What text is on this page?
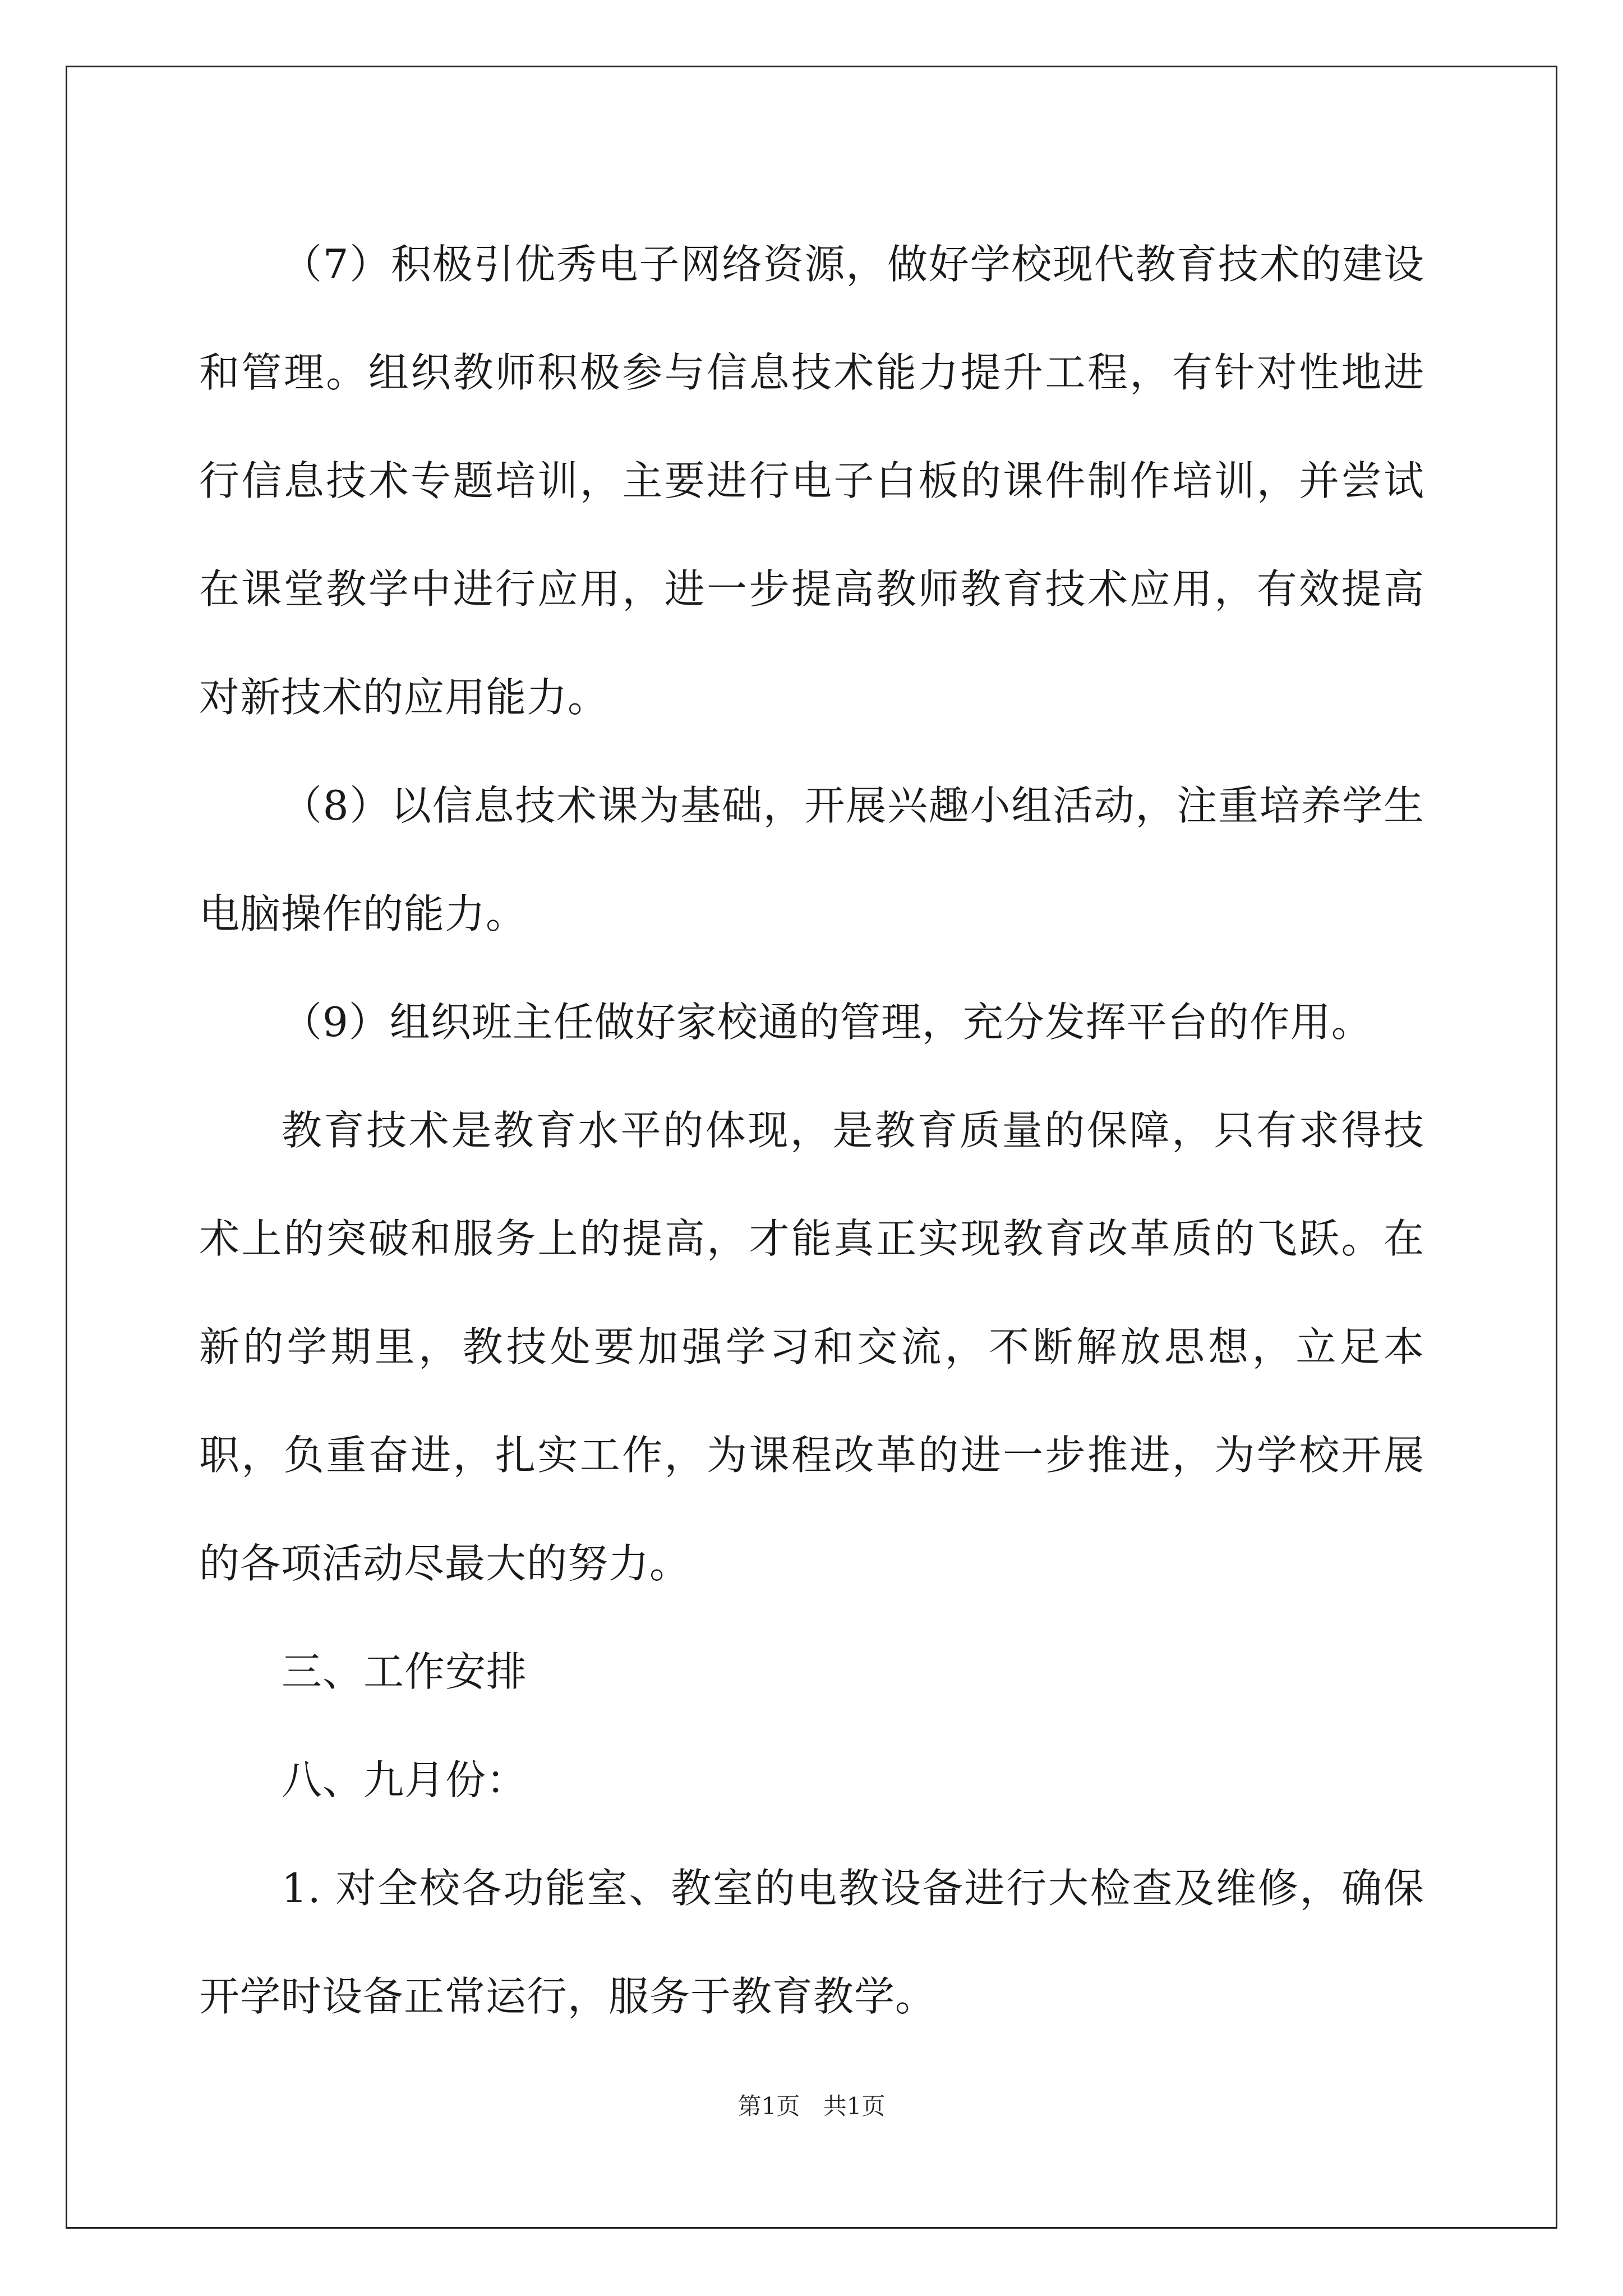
（7）积极引优秀电子网络资源，做好学校现代教育技术的建设和管理。组织教师积极参与信息技术能力提升工程，有针对性地进行信息技术专题培训，主要进行电子白板的课件制作培训，并尝试在课堂教学中进行应用，进一步提高教师教育技术应用，有效提高对新技术的应用能力。

（8）以信息技术课为基础，开展兴趣小组活动，注重培养学生电脑操作的能力。

（9）组织班主任做好家校通的管理，充分发挥平台的作用。

教育技术是教育水平的体现，是教育质量的保障，只有求得技术上的突破和服务上的提高，才能真正实现教育改革质的飞跃。在新的学期里，教技处要加强学习和交流，不断解放思想，立足本职，负重奋进，扎实工作，为课程改革的进一步推进，为学校开展的各项活动尽最大的努力。

三、工作安排

八、九月份：

1. 对全校各功能室、教室的电教设备进行大检查及维修，确保开学时设备正常运行，服务于教育教学。

第1页 共1页
